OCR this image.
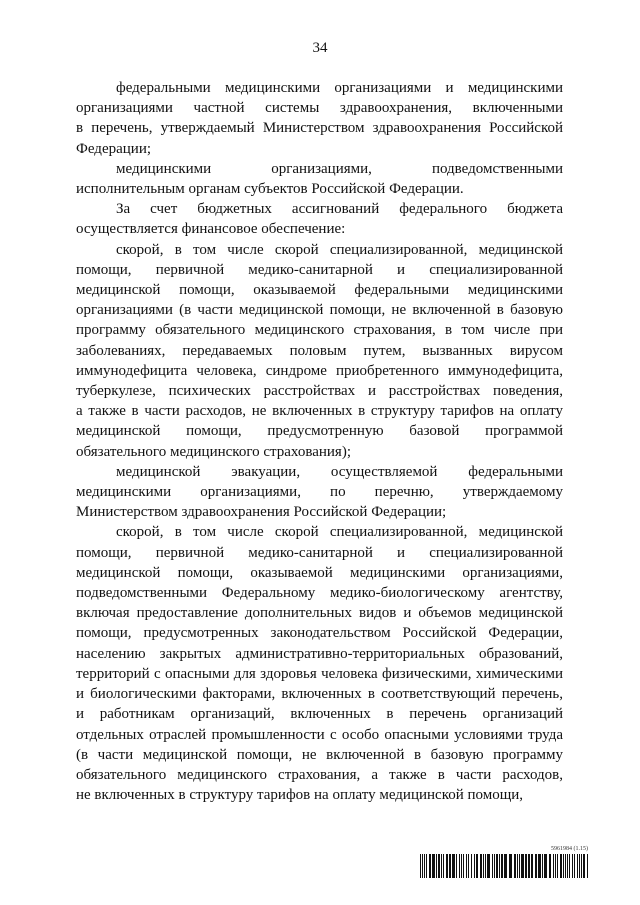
34
федеральными медицинскими организациями и медицинскими
организациями частной системы здравоохранения, включенными
в перечень, утверждаемый Министерством здравоохранения Российской
Федерации;
медицинскими организациями, подведомственными
исполнительным органам субъектов Российской Федерации.
За счет бюджетных ассигнований федерального бюджета
осуществляется финансовое обеспечение:
скорой, в том числе скорой специализированной, медицинской
помощи, первичной медико-санитарной и специализированной
медицинской помощи, оказываемой федеральными медицинскими
организациями (в части медицинской помощи, не включенной в базовую
программу обязательного медицинского страхования, в том числе при
заболеваниях, передаваемых половым путем, вызванных вирусом
иммунодефицита человека, синдроме приобретенного иммунодефицита,
туберкулезе, психических расстройствах и расстройствах поведения,
а также в части расходов, не включенных в структуру тарифов на оплату
медицинской помощи, предусмотренную базовой программой
обязательного медицинского страхования);
медицинской эвакуации, осуществляемой федеральными
медицинскими организациями, по перечню, утверждаемому
Министерством здравоохранения Российской Федерации;
скорой, в том числе скорой специализированной, медицинской
помощи, первичной медико-санитарной и специализированной
медицинской помощи, оказываемой медицинскими организациями,
подведомственными Федеральному медико-биологическому агентству,
включая предоставление дополнительных видов и объемов медицинской
помощи, предусмотренных законодательством Российской Федерации,
населению закрытых административно-территориальных образований,
территорий с опасными для здоровья человека физическими, химическими
и биологическими факторами, включенных в соответствующий перечень,
и работникам организаций, включенных в перечень организаций
отдельных отраслей промышленности с особо опасными условиями труда
(в части медицинской помощи, не включенной в базовую программу
обязательного медицинского страхования, а также в части расходов,
не включенных в структуру тарифов на оплату медицинской помощи,
5961984 (1.15)
